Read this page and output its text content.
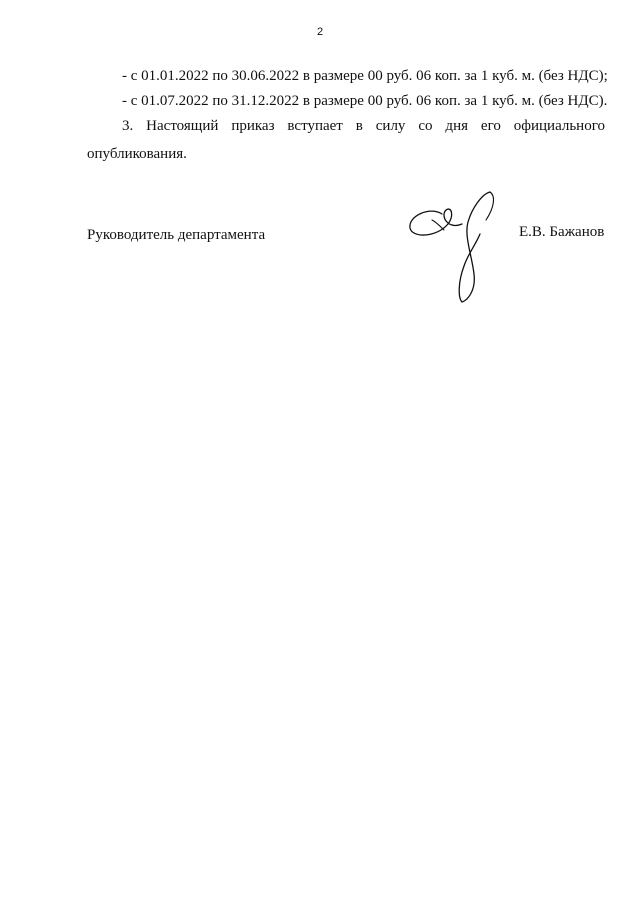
2
- с 01.01.2022 по 30.06.2022 в размере 00 руб. 06 коп. за 1 куб. м. (без НДС);
- с 01.07.2022 по 31.12.2022 в размере 00 руб. 06 коп. за 1 куб. м. (без НДС).
3. Настоящий приказ вступает в силу со дня его официального
опубликования.
Руководитель департамента	Е.В. Бажанов
